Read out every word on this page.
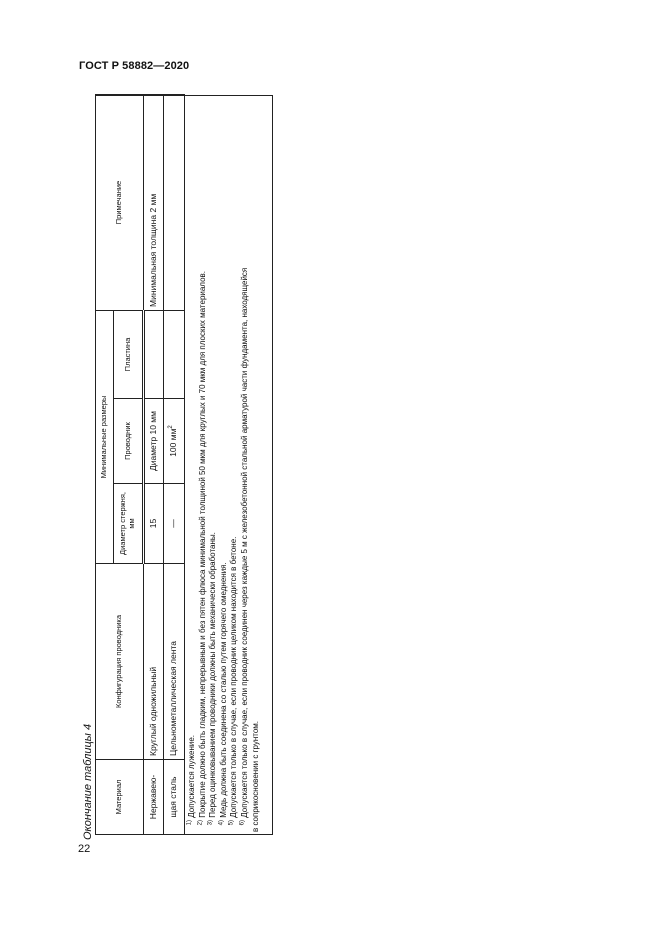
ГОСТ Р 58882—2020
Окончание таблицы 4
22
Материал	Конфигурация проводника	Минимальные размеры			Примечание
		Диаметр стержня, мм	Проводник	Пластина	
Нержавею-	Круглый одножильный	15	Диаметр 10 мм		Минимальная толщина 2 мм
щая сталь	Цельнометаллическая лента	—	100 $мм^2$		
$^{1)}$ Допускается лужение.
$^{2)}$ Покрытие должно быть гладким, непрерывным и без пятен флюса минимальной толщиной 50 мкм для круглых и 70 мкм для плоских материалов.
$^{3)}$ Перед оцинковыванием проводники должны быть механически обработаны.
$^{4)}$ Медь должна быть соединена со сталью путем горячего омеднения.
$^{5)}$ Допускается только в случае, если проводник целиком находится в бетоне.
$^{6)}$ Допускается только в случае, если проводник соединен через каждые 5 м с железобетонной стальной арматурой части фундамента, находящейся в соприкосновении с грунтом.
